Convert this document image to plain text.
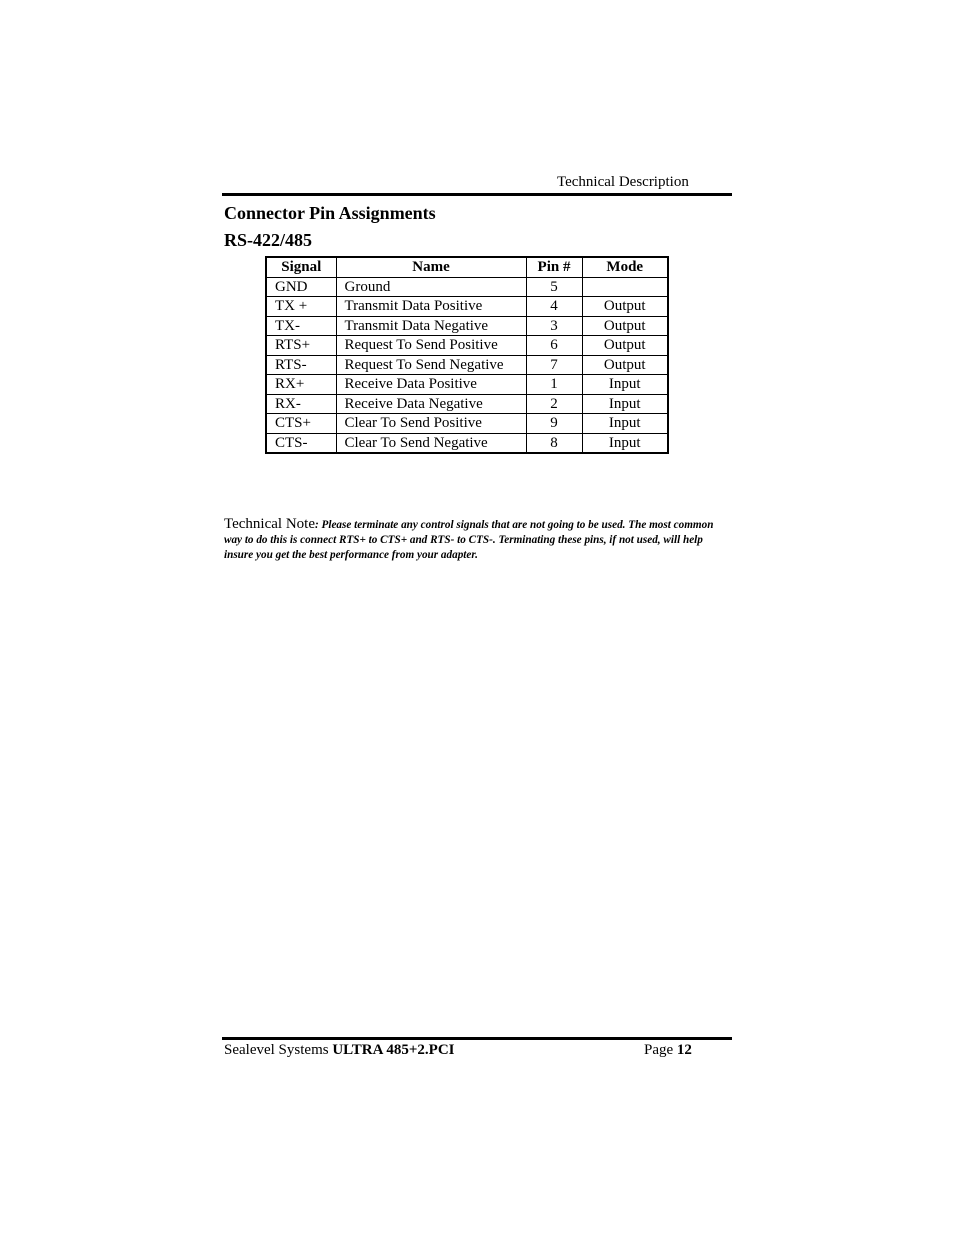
Technical Description
Connector Pin Assignments
RS-422/485
Signal	Name	Pin #	Mode
GND	Ground	5	
TX +	Transmit Data Positive	4	Output
TX-	Transmit Data Negative	3	Output
RTS+	Request To Send Positive	6	Output
RTS-	Request To Send Negative	7	Output
RX+	Receive Data Positive	1	Input
RX-	Receive Data Negative	2	Input
CTS+	Clear To Send Positive	9	Input
CTS-	Clear To Send Negative	8	Input
Technical Note: Please terminate any control signals that are not going to be used. The most common way to do this is connect RTS+ to CTS+ and RTS- to CTS-. Terminating these pins, if not used, will help insure you get the best performance from your adapter.
Sealevel Systems ULTRA 485+2.PCI	Page 12
